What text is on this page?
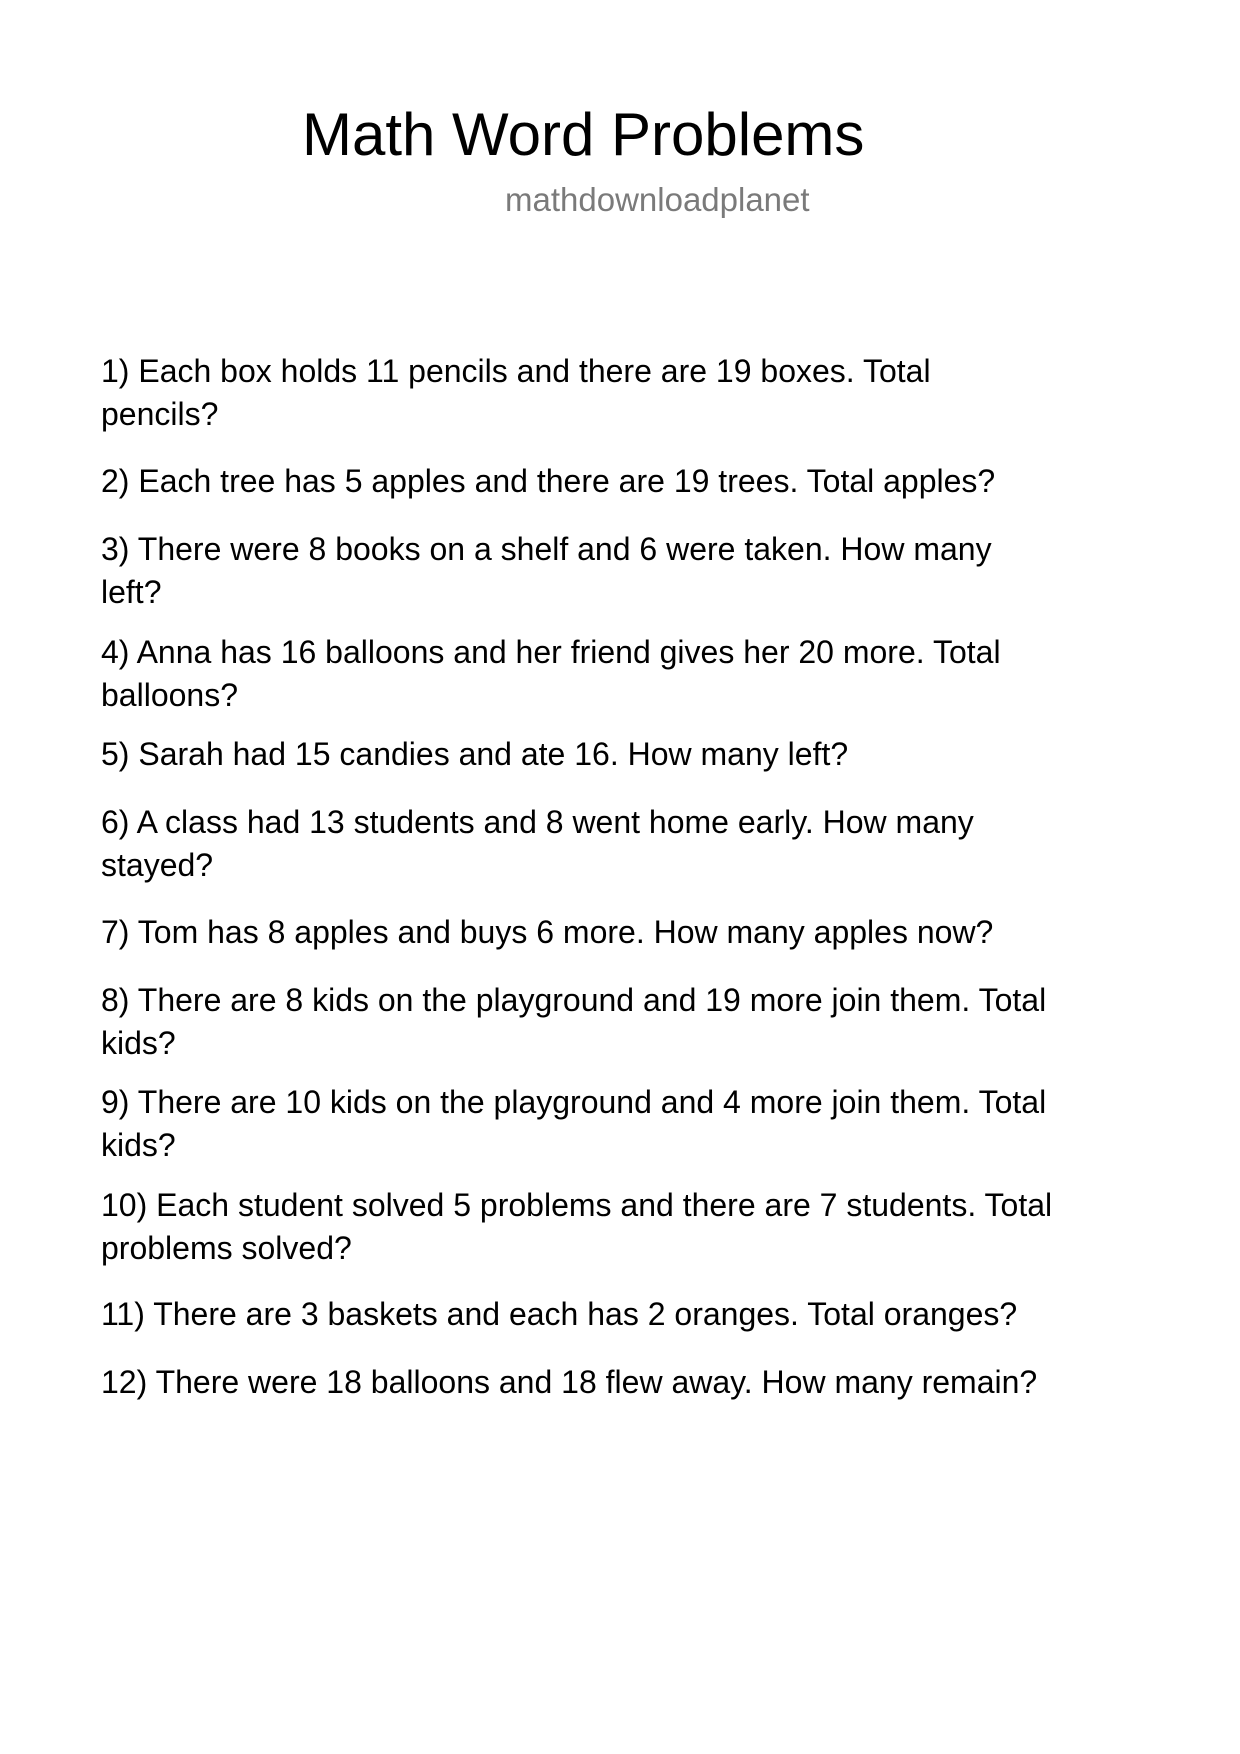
Math Word Problems
mathdownloadplanet
1) Each box holds 11 pencils and there are 19 boxes. Total
pencils?
2) Each tree has 5 apples and there are 19 trees. Total apples?
3) There were 8 books on a shelf and 6 were taken. How many
left?
4) Anna has 16 balloons and her friend gives her 20 more. Total
balloons?
5) Sarah had 15 candies and ate 16. How many left?
6) A class had 13 students and 8 went home early. How many
stayed?
7) Tom has 8 apples and buys 6 more. How many apples now?
8) There are 8 kids on the playground and 19 more join them. Total
kids?
9) There are 10 kids on the playground and 4 more join them. Total
kids?
10) Each student solved 5 problems and there are 7 students. Total
problems solved?
11) There are 3 baskets and each has 2 oranges. Total oranges?
12) There were 18 balloons and 18 flew away. How many remain?
